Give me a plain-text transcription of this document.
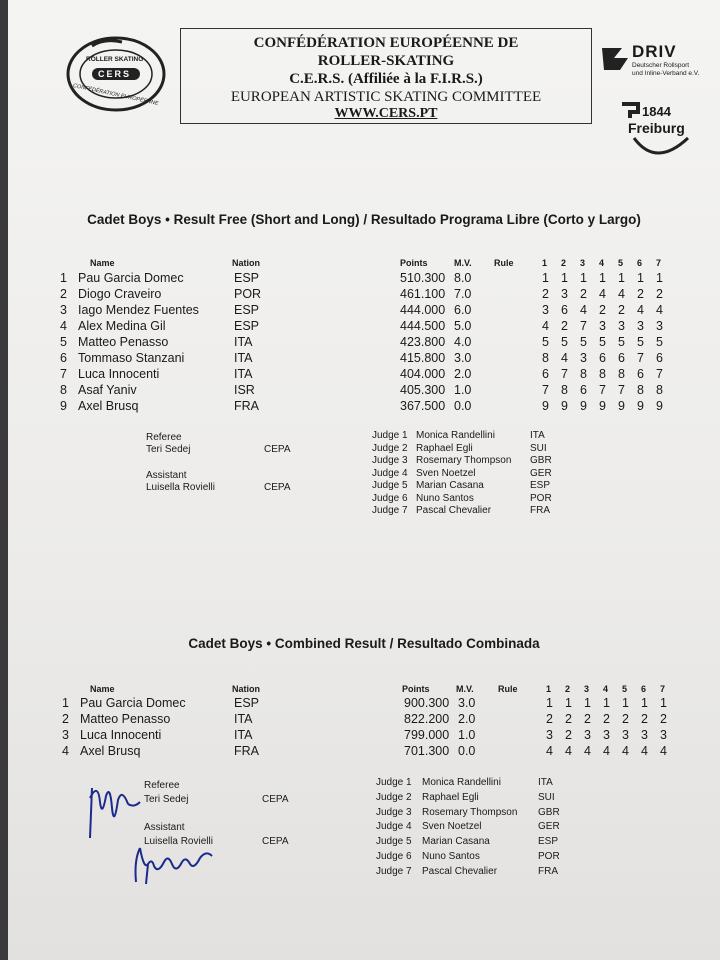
CERS
ROLLER SKATING
CONFÉDÉRATION EUROPÉENNE
CONFÉDÉRATION EUROPÉENNE DE
ROLLER-SKATING
C.E.R.S. (Affiliée à la F.I.R.S.)
EUROPEAN ARTISTIC SKATING COMMITTEE
WWW.CERS.PT
DRIV
Deutscher Rollsport
und Inline-Verband e.V.
1844
Freiburg
Cadet Boys • Result Free (Short and Long) / Resultado Programa Libre (Corto y Largo)
Name	Nation	Points	M.V. Rule	1 2 3 4 5 6 7
1 Pau Garcia Domec	ESP	510.300 8.0	1 1 1 1 1 1 1
2 Diogo Craveiro	POR	461.100 7.0	2 3 2 4 4 2 2
3 Iago Mendez Fuentes	ESP	444.000 6.0	3 6 4 2 2 4 4
4 Alex Medina Gil	ESP	444.500 5.0	4 2 7 3 3 3 3
5 Matteo Penasso	ITA	423.800 4.0	5 5 5 5 5 5 5
6 Tommaso Stanzani	ITA	415.800 3.0	8 4 3 6 6 7 6
7 Luca Innocenti	ITA	404.000 2.0	6 7 8 8 8 6 7
8 Asaf Yaniv	ISR	405.300 1.0	7 8 6 7 7 8 8
9 Axel Brusq	FRA	367.500 0.0	9 9 9 9 9 9 9
Referee
Teri Sedej	CEPA
Assistant
Luisella Rovielli	CEPA
Judge 1 Monica Randellini	ITA
Judge 2 Raphael Egli	SUI
Judge 3 Rosemary Thompson GBR
Judge 4 Sven Noetzel	GER
Judge 5 Marian Casana	ESP
Judge 6 Nuno Santos	POR
Judge 7 Pascal Chevalier	FRA
Cadet Boys • Combined Result / Resultado Combinada
Name	Nation	Points	M.V.	Rule	1 2 3 4 5 6 7
1 Pau Garcia Domec	ESP	900.300 3.0	1 1 1 1 1 1 1
2 Matteo Penasso	ITA	822.200 2.0	2 2 2 2 2 2 2
3 Luca Innocenti	ITA	799.000 1.0	3 2 3 3 3 3 3
4 Axel Brusq	FRA	701.300 0.0	4 4 4 4 4 4 4
Referee
Teri Sedej	CEPA
Assistant
Luisella Rovielli	CEPA
Judge 1 Monica Randellini	ITA
Judge 2 Raphael Egli	SUI
Judge 3 Rosemary Thompson GBR
Judge 4 Sven Noetzel	GER
Judge 5 Marian Casana	ESP
Judge 6 Nuno Santos	POR
Judge 7 Pascal Chevalier	FRA
